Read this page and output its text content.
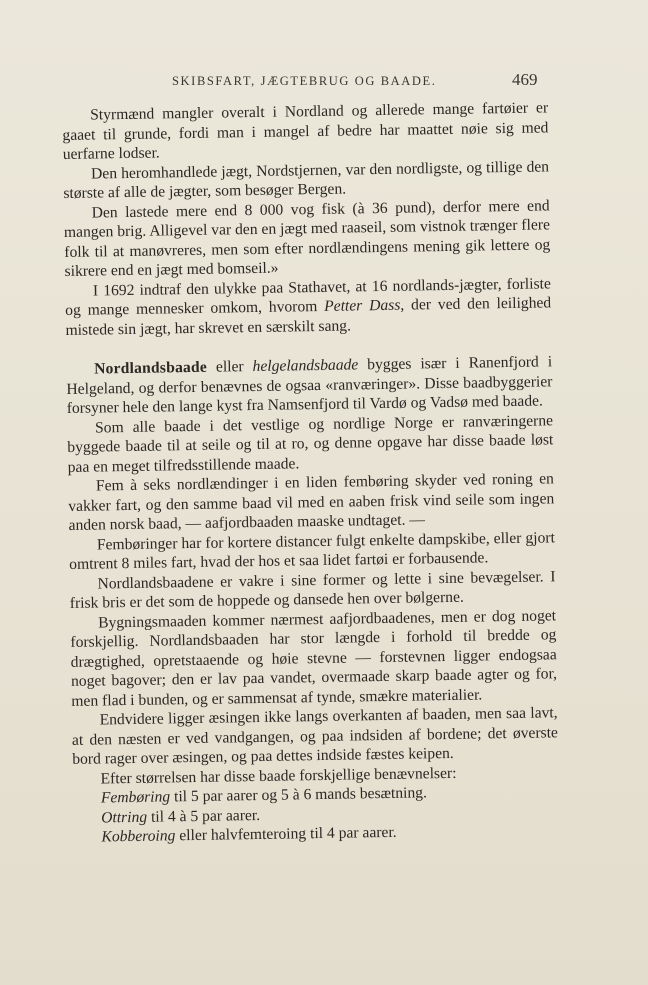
SKIBSFART, JÆGTEBRUG OG BAADE.	469

Styrmænd mangler overalt i Nordland og allerede mange fartøier er gaaet til grunde, fordi man i mangel af bedre har maattet nøie sig med uerfarne lodser.

Den heromhandlede jægt, Nordstjernen, var den nordligste, og tillige den største af alle de jægter, som besøger Bergen.

Den lastede mere end 8 000 vog fisk (à 36 pund), derfor mere end mangen brig. Alligevel var den en jægt med raaseil, som vistnok trænger flere folk til at manøvreres, men som efter nordlændingens mening gik lettere og sikrere end en jægt med bomseil.»

I 1692 indtraf den ulykke paa Stathavet, at 16 nordlands-jægter, forliste og mange mennesker omkom, hvorom Petter Dass, der ved den leilighed mistede sin jægt, har skrevet en særskilt sang.

Nordlandsbaade eller helgelandsbaade bygges især i Ranenfjord i Helgeland, og derfor benævnes de ogsaa «ranværinger». Disse baadbyggerier forsyner hele den lange kyst fra Namsenfjord til Vardø og Vadsø med baade.

Som alle baade i det vestlige og nordlige Norge er ranværingerne byggede baade til at seile og til at ro, og denne opgave har disse baade løst paa en meget tilfredsstillende maade.

Fem à seks nordlændinger i en liden fembøring skyder ved roning en vakker fart, og den samme baad vil med en aaben frisk vind seile som ingen anden norsk baad, — aafjordbaaden maaske undtaget. —

Fembøringer har for kortere distancer fulgt enkelte dampskibe, eller gjort omtrent 8 miles fart, hvad der hos et saa lidet fartøi er forbausende.

Nordlandsbaadene er vakre i sine former og lette i sine bevægelser. I frisk bris er det som de hoppede og dansede hen over bølgerne.

Bygningsmaaden kommer nærmest aafjordbaadenes, men er dog noget forskjellig. Nordlandsbaaden har stor længde i forhold til bredde og drægtighed, opretstaaende og høie stevne — forstevnen ligger endogsaa noget bagover; den er lav paa vandet, overmaade skarp baade agter og for, men flad i bunden, og er sammensat af tynde, smækre materialier.

Endvidere ligger æsingen ikke langs overkanten af baaden, men saa lavt, at den næsten er ved vandgangen, og paa indsiden af bordene; det øverste bord rager over æsingen, og paa dettes indside fæstes keipen.

Efter størrelsen har disse baade forskjellige benævnelser:

Fembøring til 5 par aarer og 5 à 6 mands besætning.

Ottring til 4 à 5 par aarer.

Kobberoing eller halvfemteroing til 4 par aarer.
